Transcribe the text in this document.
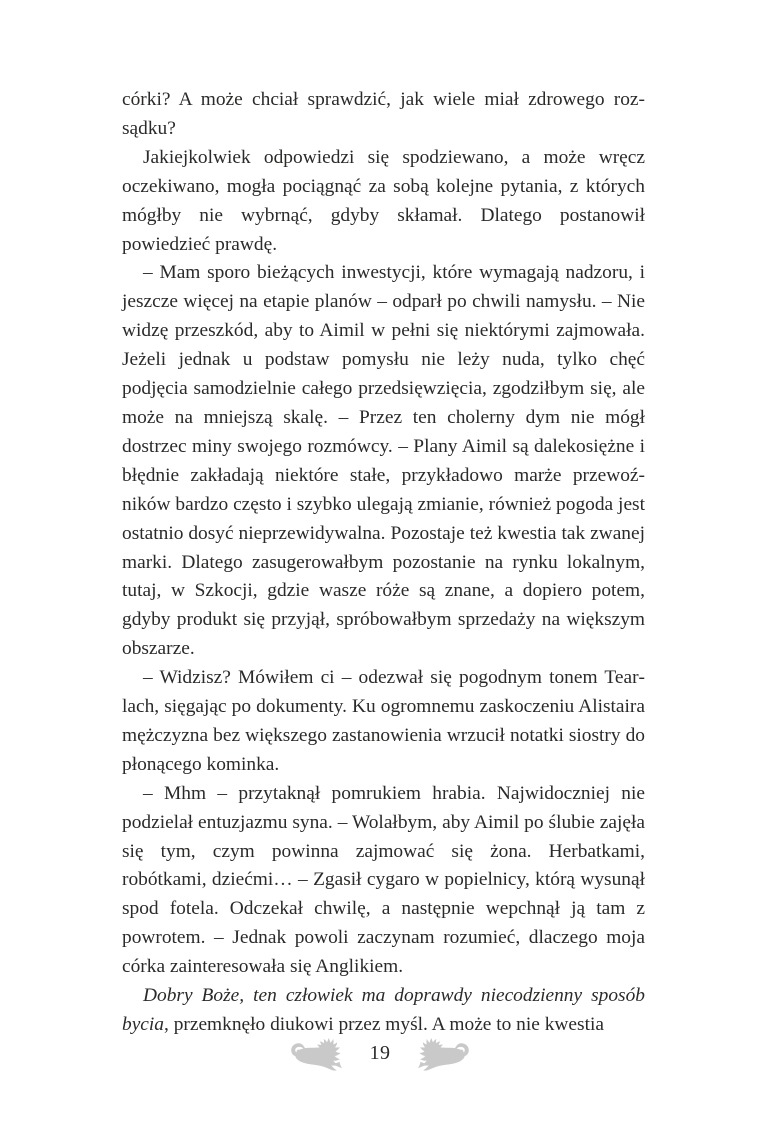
córki? A może chciał sprawdzić, jak wiele miał zdrowego rozsądku?

Jakiejkolwiek odpowiedzi się spodziewano, a może wręcz oczekiwano, mogła pociągnąć za sobą kolejne pytania, z których mógłby nie wybrnąć, gdyby skłamał. Dlatego postanowił powiedzieć prawdę.

– Mam sporo bieżących inwestycji, które wymagają nadzoru, i jeszcze więcej na etapie planów – odparł po chwili namysłu. – Nie widzę przeszkód, aby to Aimil w pełni się niektórymi zajmowała. Jeżeli jednak u podstaw pomysłu nie leży nuda, tylko chęć podjęcia samodzielnie całego przedsięwzięcia, zgodziłbym się, ale może na mniejszą skalę. – Przez ten cholerny dym nie mógł dostrzec miny swojego rozmówcy. – Plany Aimil są dalekosiężne i błędnie zakładają niektóre stałe, przykładowo marże przewoźników bardzo często i szybko ulegają zmianie, również pogoda jest ostatnio dosyć nieprzewidywalna. Pozostaje też kwestia tak zwanej marki. Dlatego zasugerowałbym pozostanie na rynku lokalnym, tutaj, w Szkocji, gdzie wasze róże są znane, a dopiero potem, gdyby produkt się przyjął, spróbowałbym sprzedaży na większym obszarze.

– Widzisz? Mówiłem ci – odezwał się pogodnym tonem Tearlach, sięgając po dokumenty. Ku ogromnemu zaskoczeniu Alistaira mężczyzna bez większego zastanowienia wrzucił notatki siostry do płonącego kominka.

– Mhm – przytaknął pomrukiem hrabia. Najwidoczniej nie podzielał entuzjazmu syna. – Wolałbym, aby Aimil po ślubie zajęła się tym, czym powinna zajmować się żona. Herbatkami, robótkami, dziećmi… – Zgasił cygaro w popielnicy, którą wysunął spod fotela. Odczekał chwilę, a następnie wepchnął ją tam z powrotem. – Jednak powoli zaczynam rozumieć, dlaczego moja córka zainteresowała się Anglikiem.

Dobry Boże, ten człowiek ma doprawdy niecodzienny sposób bycia, przemknęło diukowi przez myśl. A może to nie kwestia

19
